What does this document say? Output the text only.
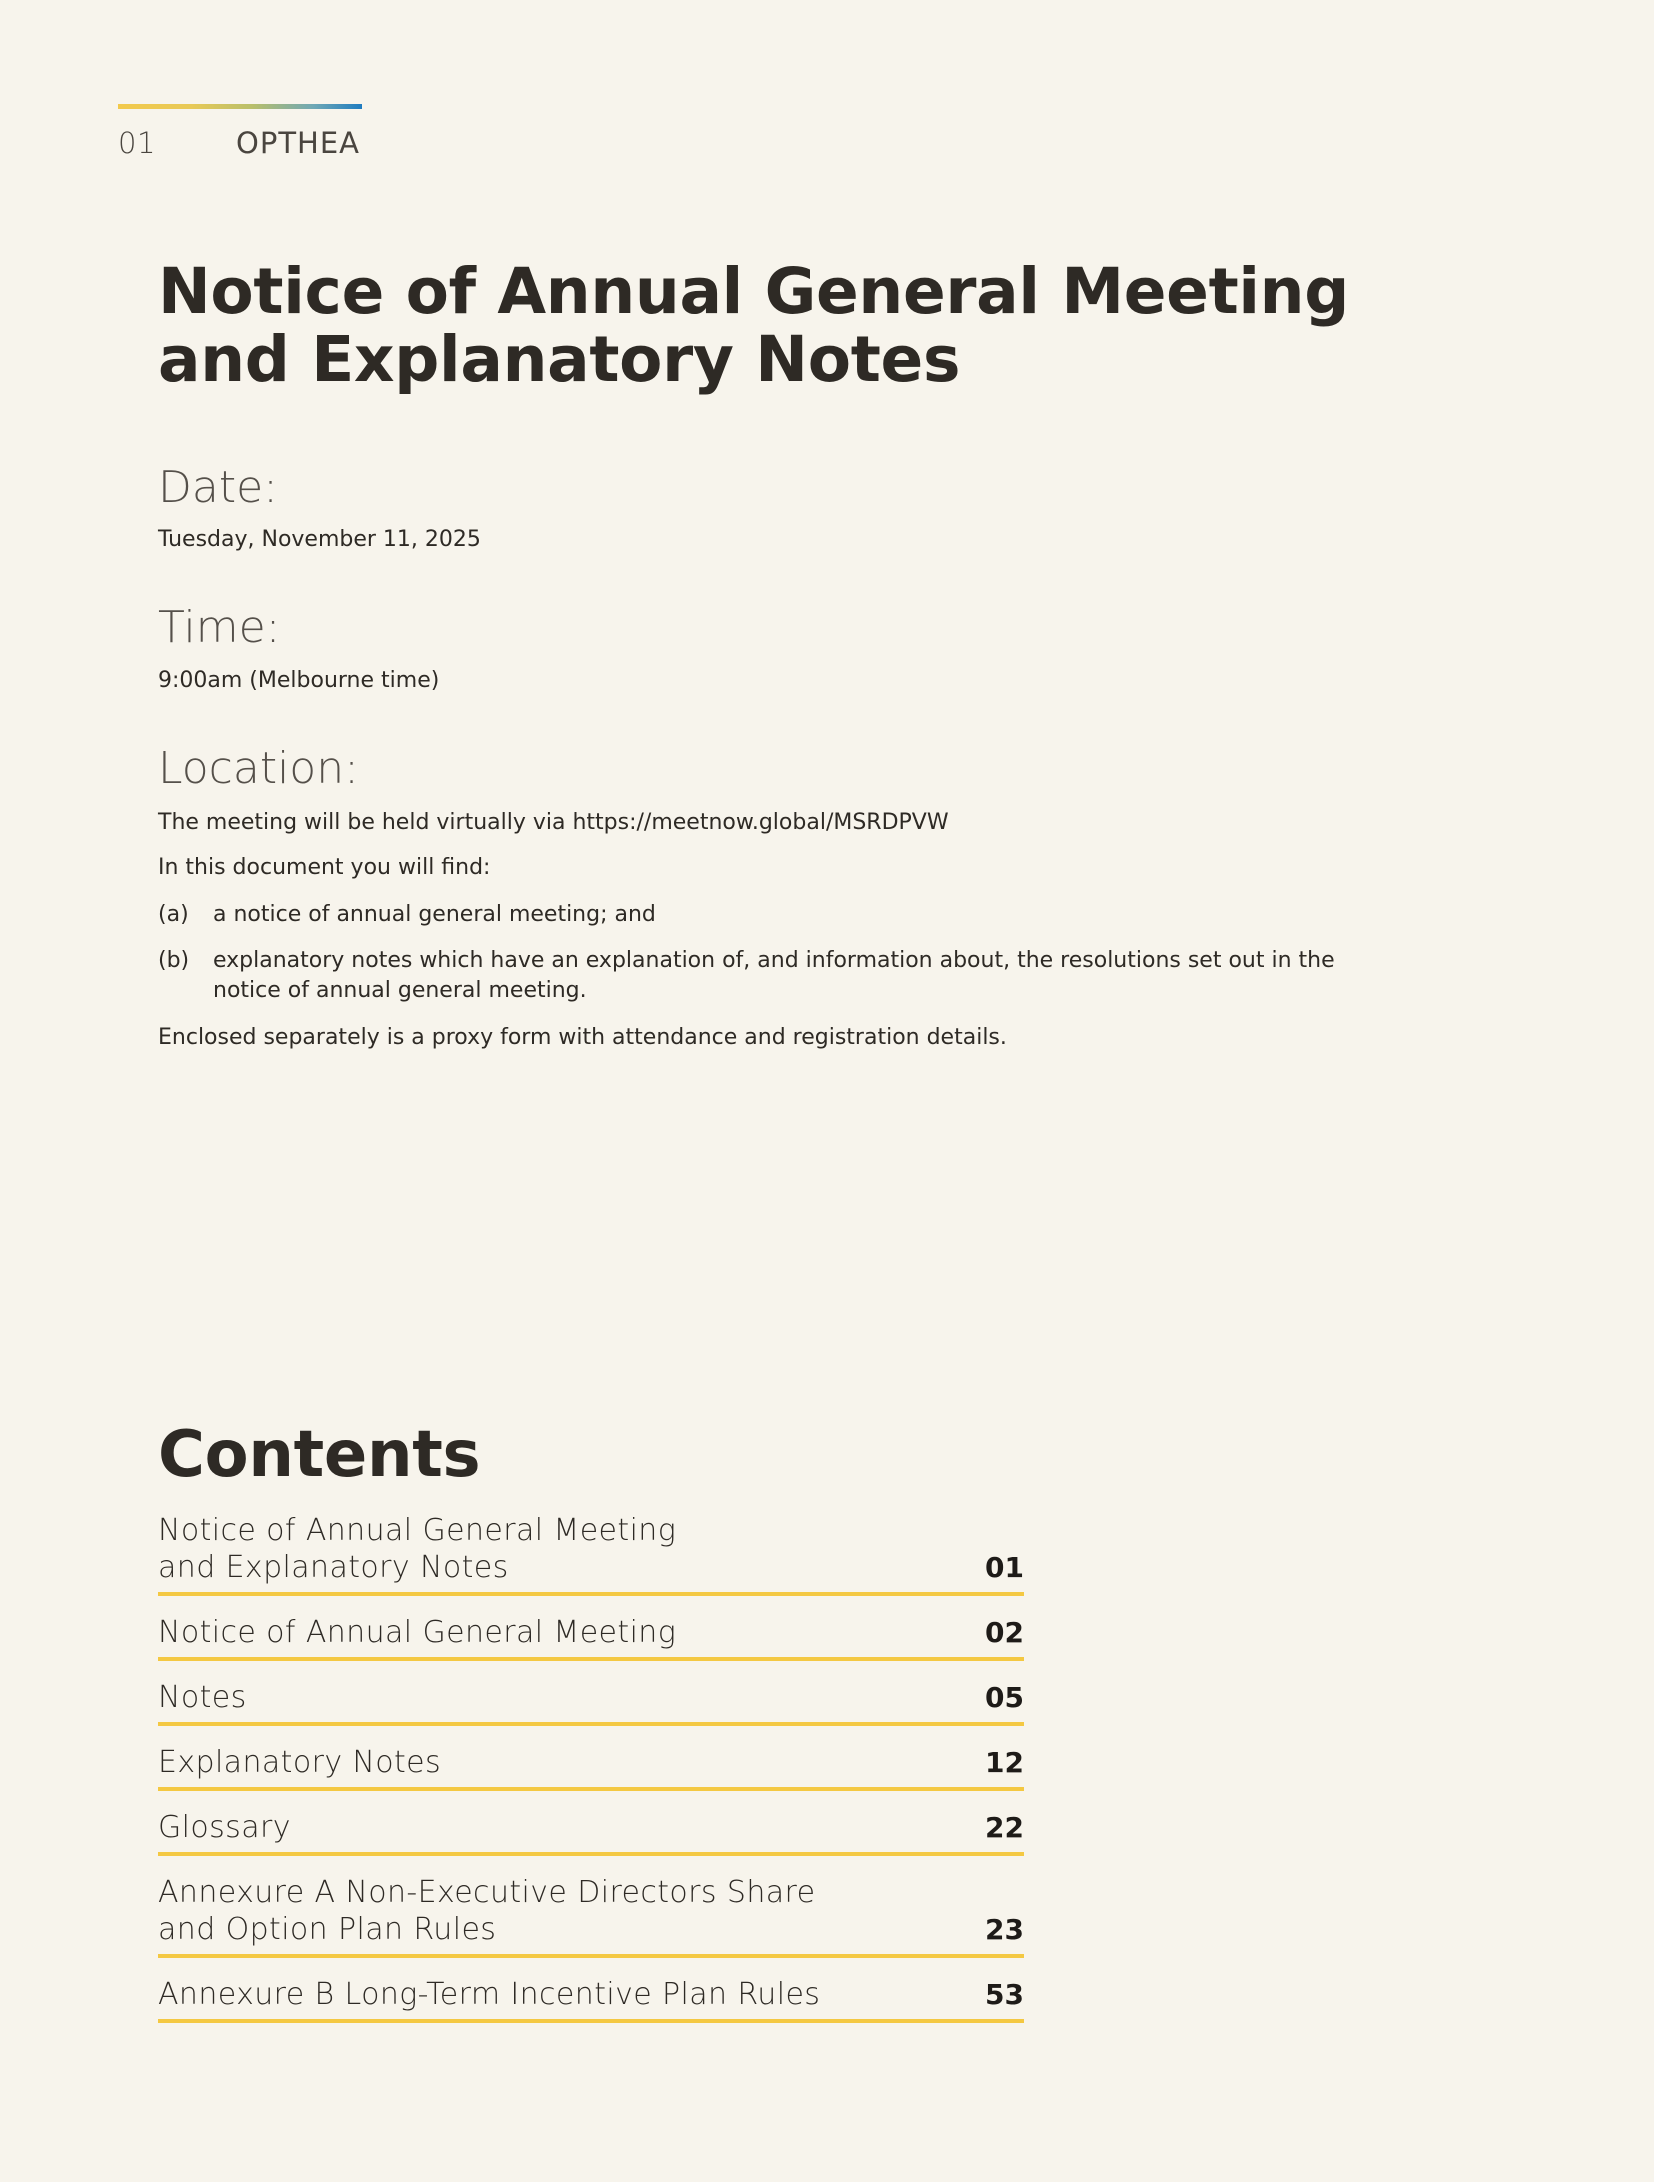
01	OPTHEA
Notice of Annual General Meeting
and Explanatory Notes
Date:

Tuesday, November 11, 2025

Time:

9:00am (Melbourne time)

Location:

The meeting will be held virtually via https://meetnow.global/MSRDPVW

In this document you will find:

(a) a notice of annual general meeting; and
(b) explanatory notes which have an explanation of, and information about, the resolutions set out in the notice of annual general meeting.

Enclosed separately is a proxy form with attendance and registration details.

Contents
Notice of Annual General Meeting
and Explanatory Notes	01
Notice of Annual General Meeting	02
Notes	05
Explanatory Notes	12
Glossary	22
Annexure A Non-Executive Directors Share
and Option Plan Rules	23
Annexure B Long-Term Incentive Plan Rules	53
